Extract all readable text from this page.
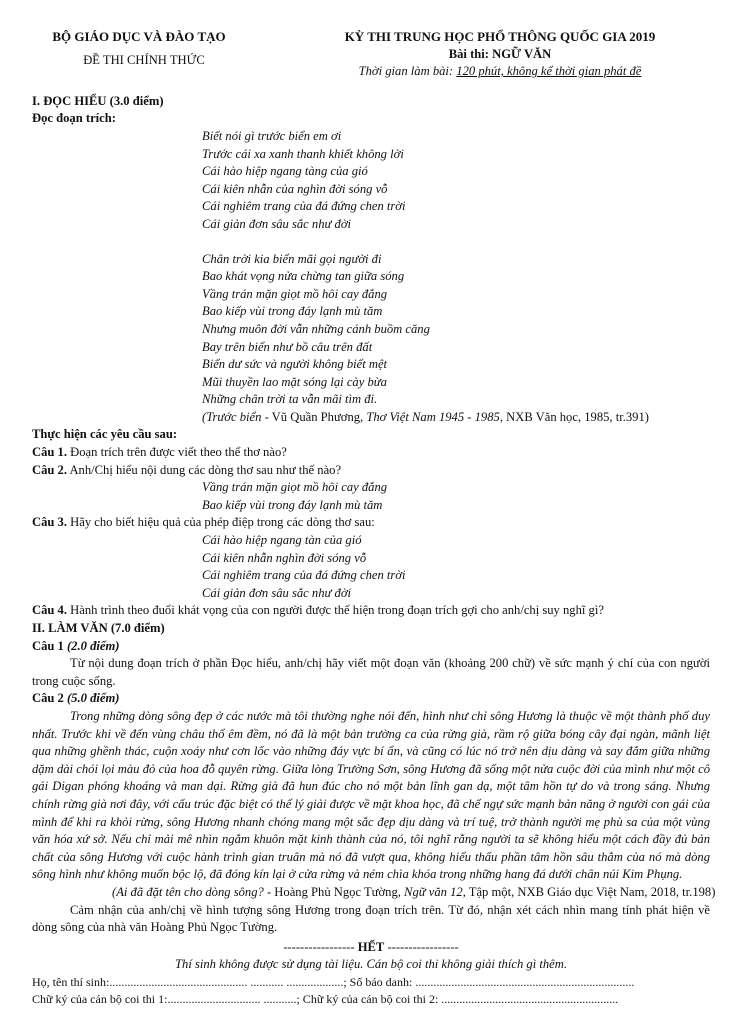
BỘ GIÁO DỤC VÀ ĐÀO TẠO
ĐỀ THI CHÍNH THỨC
KỲ THI TRUNG HỌC PHỔ THÔNG QUỐC GIA 2019
Bài thi: NGỮ VĂN
Thời gian làm bài: 120 phút, không kể thời gian phát đề
I. ĐỌC HIỂU (3.0 điểm)
Đọc đoạn trích:
Biết nói gì trước biển em ơi
Trước cái xa xanh thanh khiết không lời
Cái hào hiệp ngang tàng của gió
Cái kiên nhẫn của nghìn đời sóng vỗ
Cái nghiêm trang của đá đứng chen trời
Cái giản đơn sâu sắc như đời
Chân trời kia biển mãi gọi người đi
Bao khát vọng nửa chừng tan giữa sóng
Vầng trán mặn giọt mồ hôi cay đắng
Bao kiếp vùi trong đáy lạnh mù tăm
Nhưng muôn đời vẫn những cánh buồm căng
Bay trên biển như bồ câu trên đất
Biển dư sức và người không biết mệt
Mũi thuyền lao mặt sóng lại cày bừa
Những chân trời ta vẫn mãi tìm đi.
(Trước biển - Vũ Quần Phương, Thơ Việt Nam 1945 - 1985, NXB Văn học, 1985, tr.391)
Thực hiện các yêu cầu sau:
Câu 1. Đoạn trích trên được viết theo thể thơ nào?
Câu 2. Anh/Chị hiểu nội dung các dòng thơ sau như thế nào?
Vầng trán mặn giọt mồ hôi cay đắng
Bao kiếp vùi trong đáy lạnh mù tăm
Câu 3. Hãy cho biết hiệu quả của phép điệp trong các dòng thơ sau:
Cái hào hiệp ngang tàn của gió
Cái kiên nhẫn nghìn đời sóng vỗ
Cái nghiêm trang của đá đứng chen trời
Cái giản đơn sâu sắc như đời
Câu 4. Hành trình theo đuổi khát vọng của con người được thể hiện trong đoạn trích gợi cho anh/chị suy nghĩ gì?
II. LÀM VĂN (7.0 điểm)
Câu 1 (2.0 điểm)
Từ nội dung đoạn trích ở phần Đọc hiểu, anh/chị hãy viết một đoạn văn (khoảng 200 chữ) về sức mạnh ý chí của con người trong cuộc sống.
Câu 2 (5.0 điểm)
Trong những dòng sông đẹp ở các nước mà tôi thường nghe nói đến, hình như chỉ sông Hương là thuộc về một thành phố duy nhất. Trước khi về đến vùng châu thổ êm đềm, nó đã là một bản trường ca của rừng già, rầm rộ giữa bóng cây đại ngàn, mãnh liệt qua những ghềnh thác, cuộn xoáy như cơn lốc vào những đáy vực bí ẩn, và cũng có lúc nó trở nên dịu dàng và say đắm giữa những dặm dài chói lọi màu đỏ của hoa đỗ quyên rừng. Giữa lòng Trường Sơn, sông Hương đã sống một nửa cuộc đời của mình như một cô gái Digan phóng khoáng và man dại. Rừng già đã hun đúc cho nó một bản lĩnh gan dạ, một tâm hồn tự do và trong sáng. Nhưng chính rừng già nơi đây, với cấu trúc đặc biệt có thể lý giải được về mặt khoa học, đã chế ngự sức mạnh bản năng ở người con gái của mình để khi ra khỏi rừng, sông Hương nhanh chóng mang một sắc đẹp dịu dàng và trí tuệ, trở thành người mẹ phù sa của một vùng văn hóa xứ sở. Nếu chỉ mải mê nhìn ngắm khuôn mặt kinh thành của nó, tôi nghĩ rằng người ta sẽ không hiểu một cách đầy đủ bản chất của sông Hương với cuộc hành trình gian truân mà nó đã vượt qua, không hiểu thấu phần tâm hồn sâu thẳm của nó mà dòng sông hình như không muốn bộc lộ, đã đóng kín lại ở cửa rừng và ném chìa khóa trong những hang đá dưới chân núi Kim Phụng.
(Ai đã đặt tên cho dòng sông? - Hoàng Phủ Ngọc Tường, Ngữ văn 12, Tập một, NXB Giáo dục Việt Nam, 2018, tr.198)
Cảm nhận của anh/chị về hình tượng sông Hương trong đoạn trích trên. Từ đó, nhận xét cách nhìn mang tính phát hiện về dòng sông của nhà văn Hoàng Phủ Ngọc Tường.
----------------- HẾT -----------------
Thí sinh không được sử dụng tài liệu. Cán bộ coi thi không giải thích gì thêm.
Họ, tên thí sinh:.............................................. ........... ...................; Số báo danh: .........................................................................
Chữ ký của cán bộ coi thi 1:............................... ...........; Chữ ký của cán bộ coi thi 2: ...........................................................
